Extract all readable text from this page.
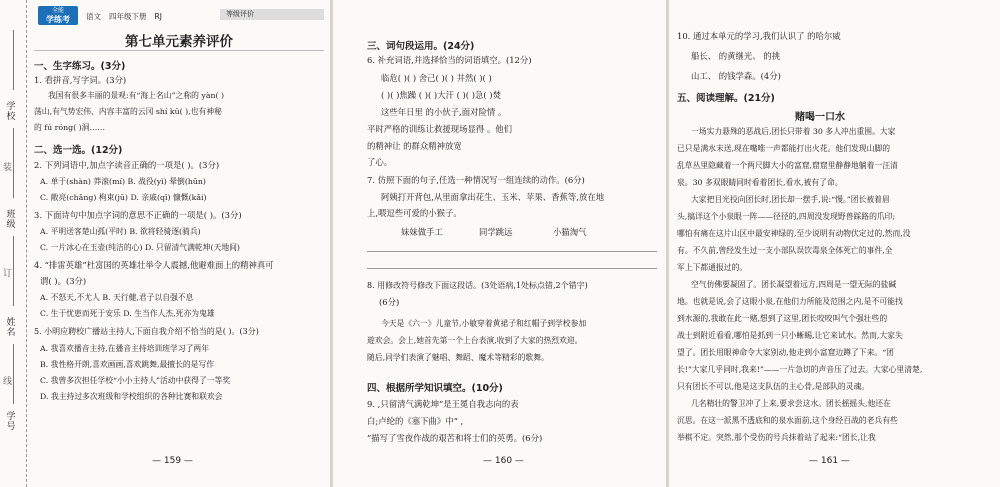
学校
班级
姓名
学号
装
订
线
全能
学练考	语文 四年级下册 RJ	等级评价
第七单元素养评价
一、生字练习。(3分)
1. 看拼音,写字词。(3分)
我国有很多丰丽的景观:有“海上名山”之称的 yàn( )
荡山,有气势宏伟、内容丰富的云冈 shí kū( ),也有神秘
的 fú róng( )洞……
二、选一选。(12分)
2. 下列词语中,加点字读音正确的一项是( )。(3分)
A. 单于(shàn) 莽滚(mí) B. 战役(yì) 晕倒(hūn)
C. 敞亮(chǎng) 枸束(jū) D. 亲戚(qī) 慷慨(kǎi)
3. 下面诗句中加点字词的意思不正确的一项是( )。(3分)
A. 平明送客楚山孤(平时) B. 欲将轻骑逐(骑兵)
C. 一片冰心在玉壶(纯洁的心) D. 只留清气满乾坤(天地间)
4. “排雷英雄”杜富国的英雄壮举令人震撼,他避难面上的精神真可
谓( )。(3分)
A. 不怒天,不尤人 B. 天行健,君子以自强不息
C. 生于忧患而死于安乐 D. 生当作人杰,死亦为鬼雄
5. 小明应聘校广播站主持人,下面自我介绍不恰当的是( )。(3分)
A. 我喜欢播音主持,在播音主持培训班学习了两年
B. 我性格开朗,喜欢画画,喜欢跳舞,最擅长的是写作
C. 我曾多次担任学校“小小主持人”活动中获得了一等奖
D. 我主持过多次班级和学校组织的各种比赛和联欢会
— 159 —
三、词句段运用。(24分)
6. 补充词语,并选择恰当的词语填空。(12分)
临危( )( ) 舍己( )( ) 井然( )( )
( )( )焦躁 ( )( )大汗 ( )( )急( )焚
这些年日里 的小伙子,面对险情 。
平时严格的训练让救援现场显得 。他们
的精神让 的群众精神放宽
了心。
7. 仿照下面的句子,任选一种情况写一组连续的动作。(6分)
阿姨打开背包,从里面拿出花生、玉米、苹果、香蕉等,放在地
上,喂逗些可爱的小猴子。
妹妹做手工	同学跳远	小猫淘气
8. 用修改符号修改下面这段话。(3处语病,1处标点错,2个错字)
(6分)
今天是《六一》儿童节,小敏穿着黄裙子和红帽子到学校参加
遊欢会。会上,她首先第一个上台表演,收到了大家的热烈欢迎。
随后,同学们表演了魅唱、舞蹈、魔术等精彩的歌舞。
四、根据所学知识填空。(10分)
9. ,只留清气满乾坤”是王冕自我志向的表
白;卢纶的《塞下曲》中“ ,
”描写了雪夜作战的艰苦和将士们的英勇。(6分)
— 160 —
10. 通过本单元的学习,我们认识了 的哈尔威
船长、 的黄继光、 的挑
山工、 的钱学森。(4分)
五、阅读理解。(21分)
赌喝一口水
一场实力悬殊的恶战后,团长只带着 30 多人冲出重围。大家
已只是满水末送,现在嘴唯一声都能打出火花。他们发现山脚的
乱草丛里隐藏着一个两尺脚大小的富窟,窟窟里静静地躺着一汪清
泉。30 多双眼睛同时看着团长,看水,被有了命。
大家把目光投向团长时,团长却一摆手,说:“慢。”团长被着眉
头,搞详这个小泉眼一阵——径径的,四周没发现野兽踩路的爪印;
哪怕有痛在这片山区中最安神绿的,至少说明有动物伏定过的,然而,没
有。不久前,曾经发生过一支小部队误饮毒泉全体死亡的事件,全
军上下都通报过的。
空气仿佛要凝固了。团长凝望着远方,四周是一望无际的盐碱
地。也就是说,会了这眼小泉,在他们力所能及范围之内,是不可能找
到水源的,我敢在此一赌,想到了这里,团长咬咬叫气个强壮些的
战士到附近看看,哪怕是抓到一只小蜥蜴,让它来试水。然而,大家失
望了。团长用眼神命令大家别动,他走到小富窟边蹲了下来。“团
长!”大家几乎同时,我来!”——一片急切的声音压了过去。大家心里清楚,
只有团长不可以,他是这支队伍的主心骨,是部队的灵魂。
几名精壮的警卫冲了上来,要求尝这水。团长摇摇头,他还在
沉思。在这一派黑不透底和的泉水面前,这个身经百战的老兵有些
举棋不定。突然,那个受伤的号兵抹着站了起来:“团长,让我
— 161 —
